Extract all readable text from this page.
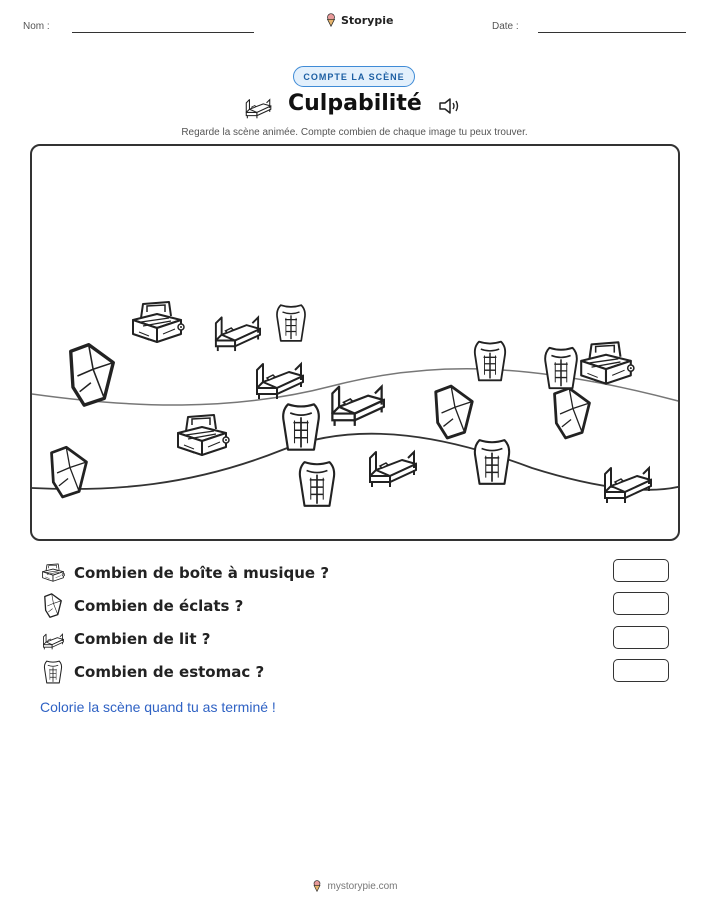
Nom :	Storypie	Date :
COMPTE LA SCÈNE
Culpabilité
Regarde la scène animée. Compte combien de chaque image tu peux trouver.
Combien de boîte à musique ?
Combien de éclats ?
Combien de lit ?
Combien de estomac ?
Colorie la scène quand tu as terminé !
mystorypie.com
